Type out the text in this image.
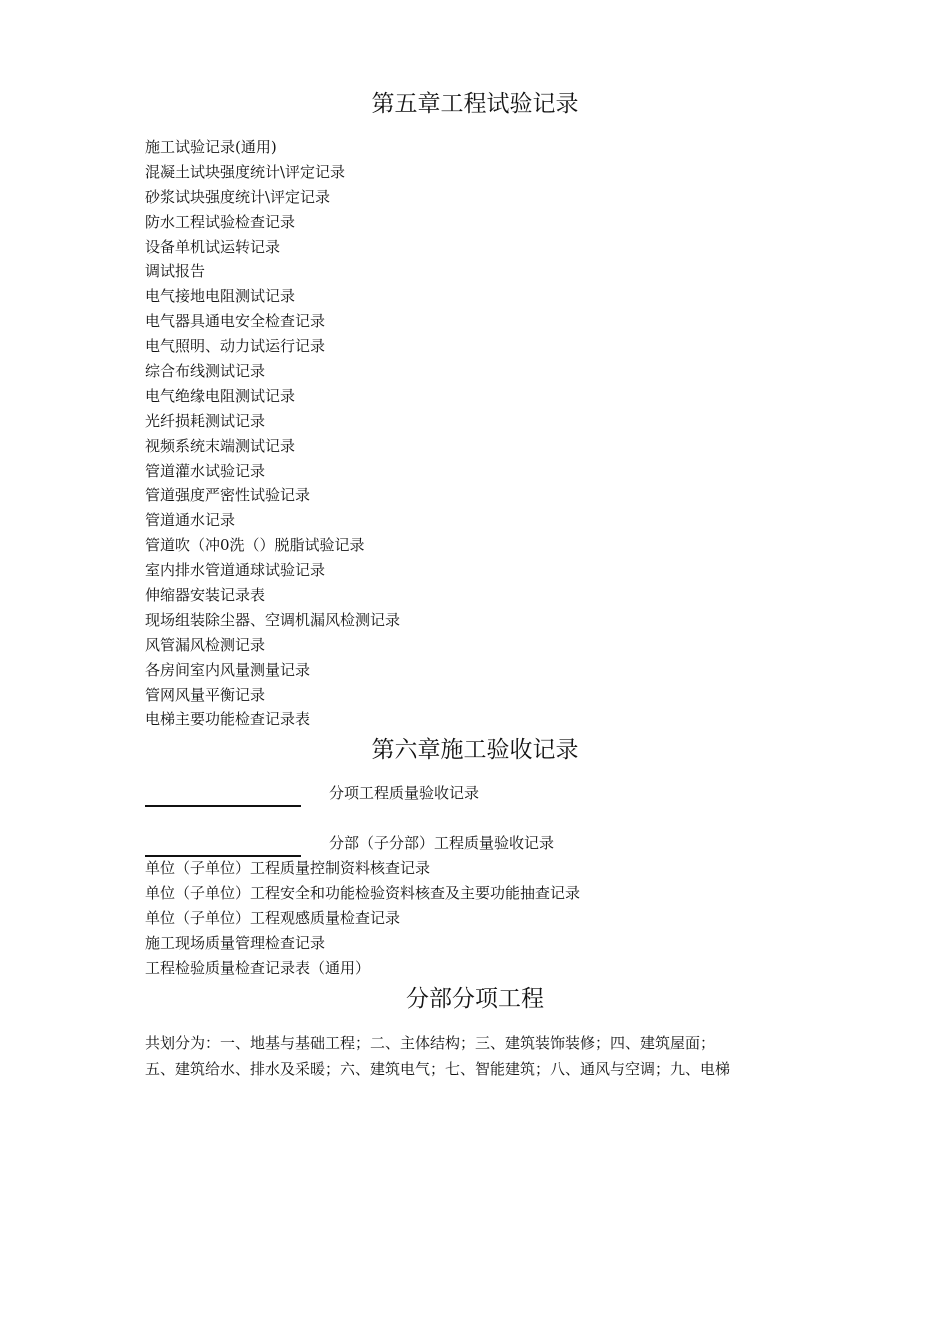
第五章工程试验记录
施工试验记录(通用)
混凝土试块强度统计\评定记录
砂浆试块强度统计\评定记录
防水工程试验检查记录
设备单机试运转记录
调试报告
电气接地电阻测试记录
电气器具通电安全检查记录
电气照明、动力试运行记录
综合布线测试记录
电气绝缘电阻测试记录
光纤损耗测试记录
视频系统末端测试记录
管道灌水试验记录
管道强度严密性试验记录
管道通水记录
管道吹（冲0洗（）脱脂试验记录
室内排水管道通球试验记录
伸缩器安装记录表
现场组装除尘器、空调机漏风检测记录
风管漏风检测记录
各房间室内风量测量记录
管网风量平衡记录
电梯主要功能检查记录表
第六章施工验收记录
分项工程质量验收记录
分部（子分部）工程质量验收记录
单位（子单位）工程质量控制资料核查记录
单位（子单位）工程安全和功能检验资料核查及主要功能抽查记录
单位（子单位）工程观感质量检查记录
施工现场质量管理检查记录
工程检验质量检查记录表（通用）
分部分项工程

共划分为：一、地基与基础工程；二、主体结构；三、建筑装饰装修；四、建筑屋面；

五、建筑给水、排水及采暖；六、建筑电气；七、智能建筑；八、通风与空调；九、电梯
